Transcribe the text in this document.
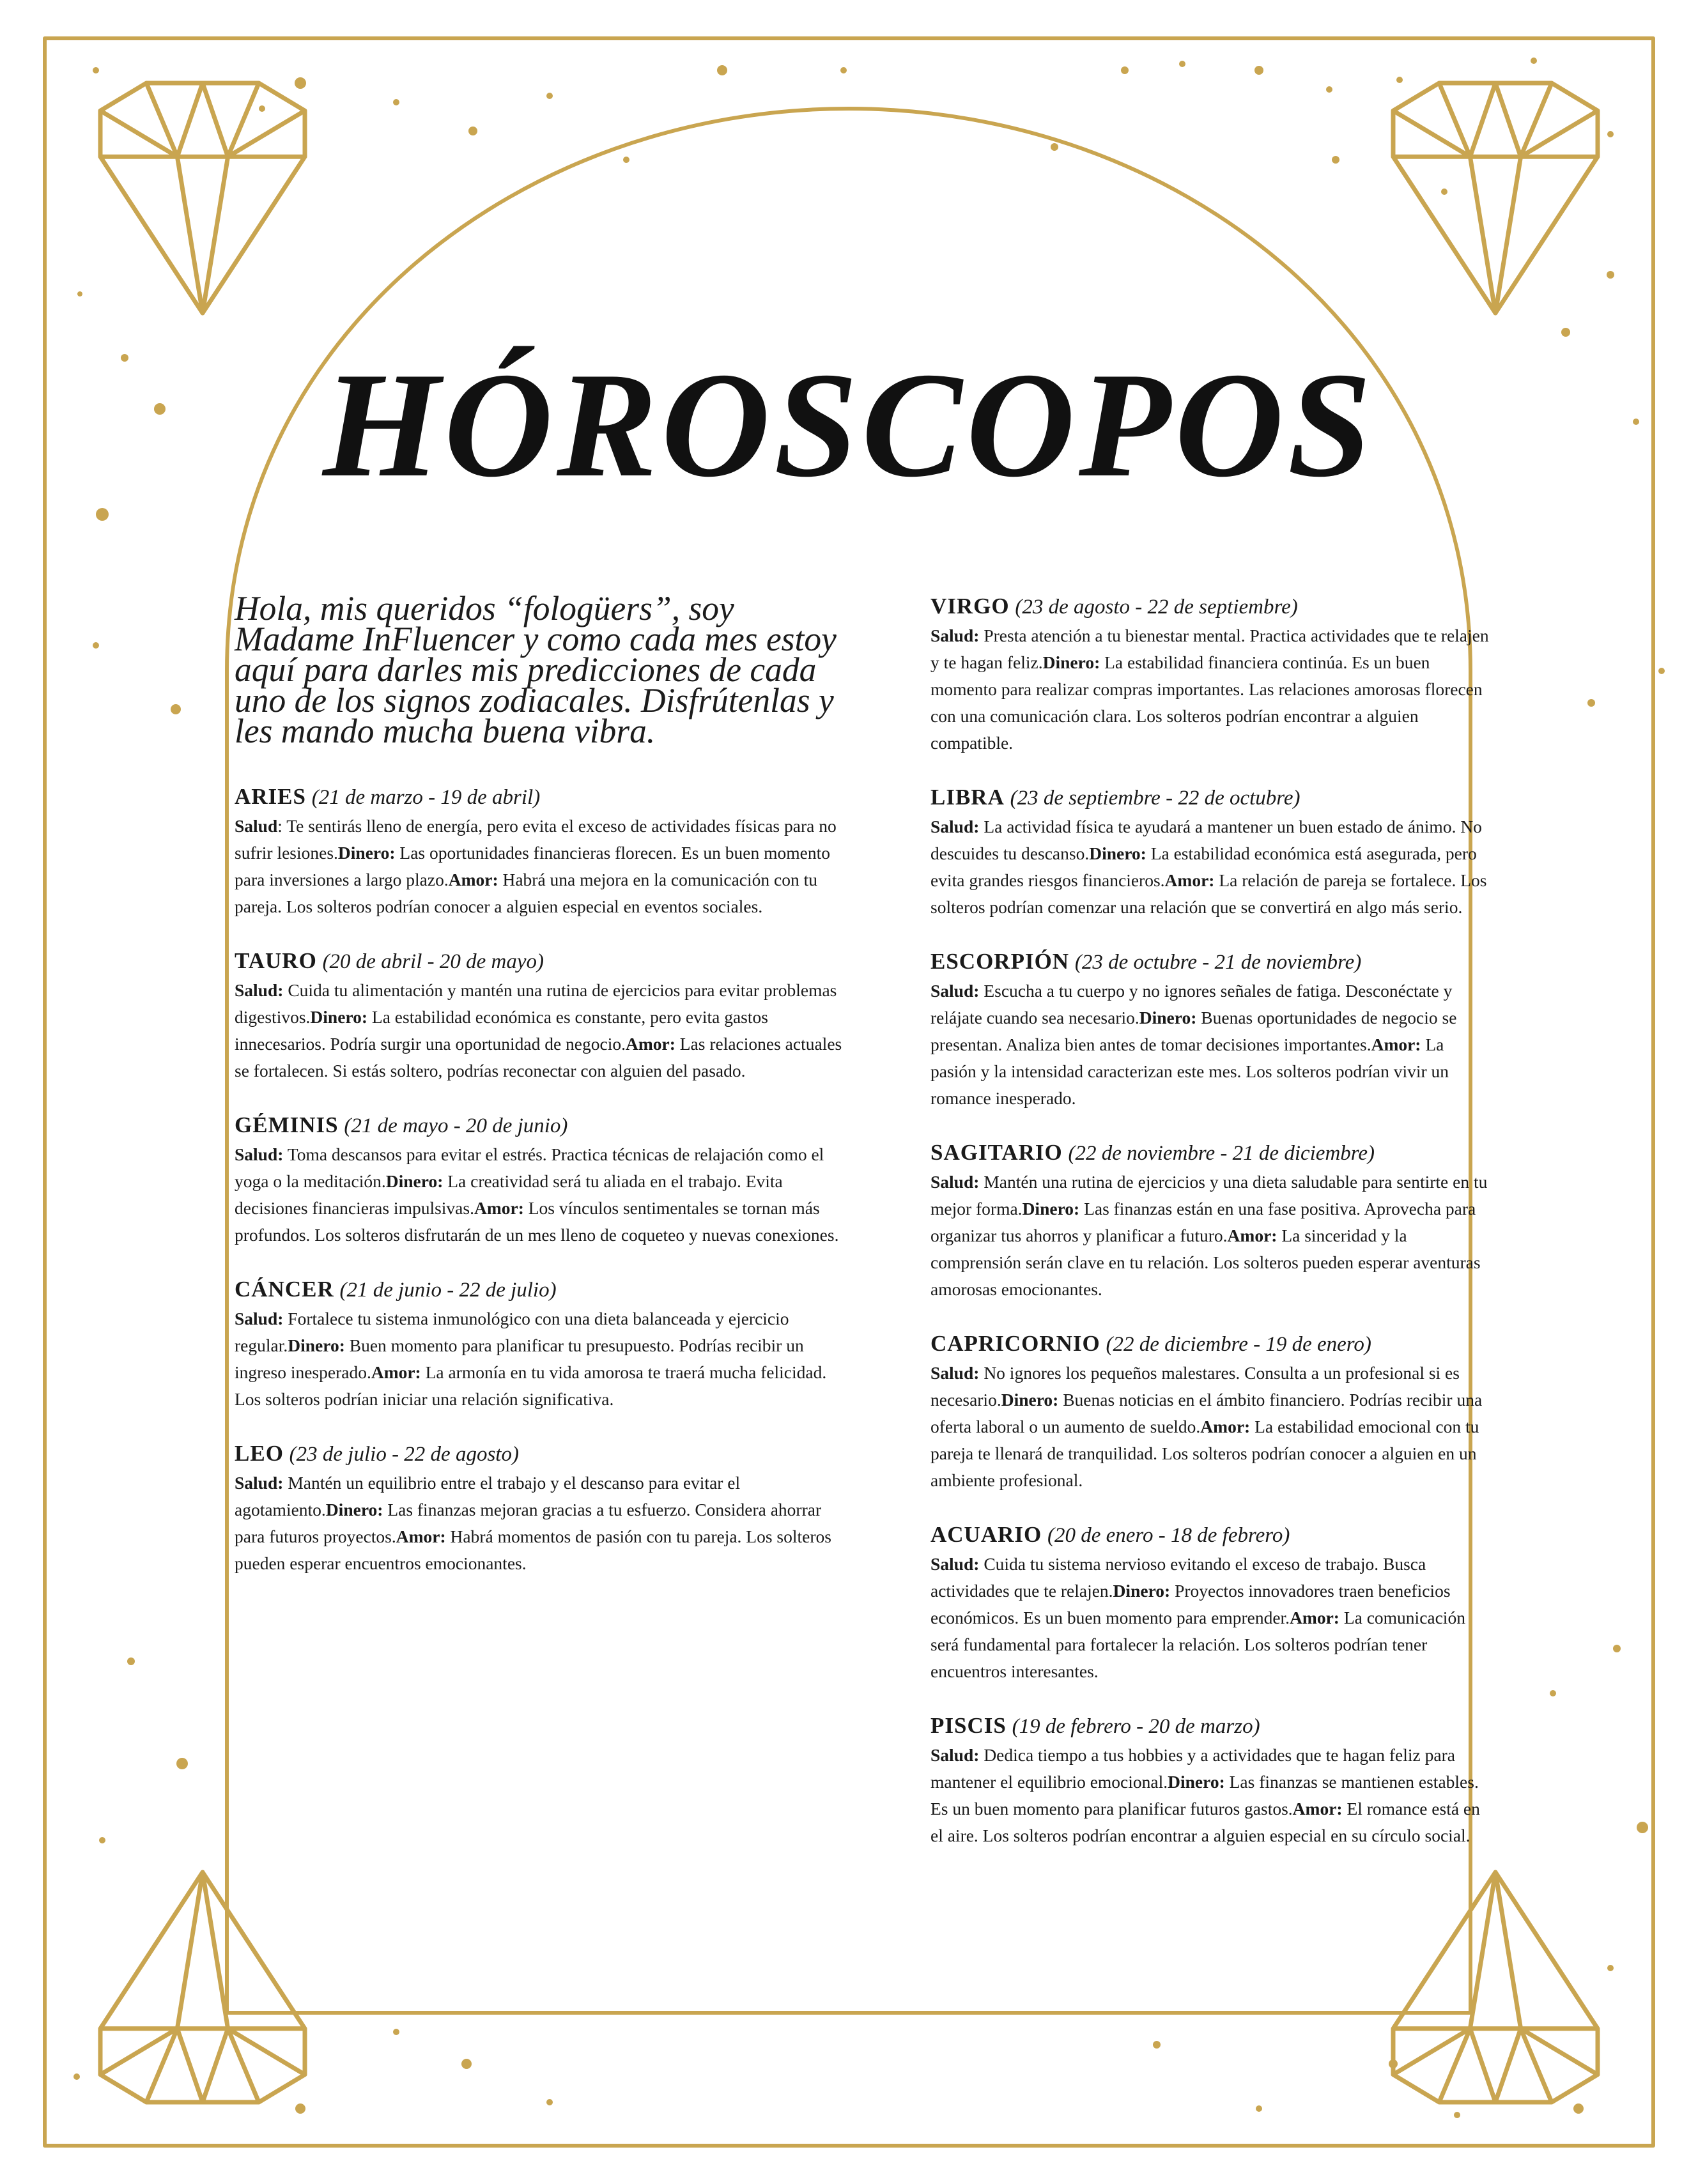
HÓROSCOPOS

Hola, mis queridos “fologüers”, soy Madame InFluencer y como cada mes estoy aquí para darles mis predicciones de cada uno de los signos zodiacales. Disfrútenlas y les mando mucha buena vibra.

ARIES (21 de marzo - 19 de abril)

Salud: Te sentirás lleno de energía, pero evita el exceso de actividades físicas para no sufrir lesiones.Dinero: Las oportunidades financieras florecen. Es un buen momento para inversiones a largo plazo.Amor: Habrá una mejora en la comunicación con tu pareja. Los solteros podrían conocer a alguien especial en eventos sociales.

TAURO (20 de abril - 20 de mayo)

Salud: Cuida tu alimentación y mantén una rutina de ejercicios para evitar problemas digestivos.Dinero: La estabilidad económica es constante, pero evita gastos innecesarios. Podría surgir una oportunidad de negocio.Amor: Las relaciones actuales se fortalecen. Si estás soltero, podrías reconectar con alguien del pasado.

GÉMINIS (21 de mayo - 20 de junio)

Salud: Toma descansos para evitar el estrés. Practica técnicas de relajación como el yoga o la meditación.Dinero: La creatividad será tu aliada en el trabajo. Evita decisiones financieras impulsivas.Amor: Los vínculos sentimentales se tornan más profundos. Los solteros disfrutarán de un mes lleno de coqueteo y nuevas conexiones.

CÁNCER (21 de junio - 22 de julio)

Salud: Fortalece tu sistema inmunológico con una dieta balanceada y ejercicio regular.Dinero: Buen momento para planificar tu presupuesto. Podrías recibir un ingreso inesperado.Amor: La armonía en tu vida amorosa te traerá mucha felicidad. Los solteros podrían iniciar una relación significativa.

LEO (23 de julio - 22 de agosto)

Salud: Mantén un equilibrio entre el trabajo y el descanso para evitar el agotamiento.Dinero: Las finanzas mejoran gracias a tu esfuerzo. Considera ahorrar para futuros proyectos.Amor: Habrá momentos de pasión con tu pareja. Los solteros pueden esperar encuentros emocionantes.

VIRGO (23 de agosto - 22 de septiembre)

Salud: Presta atención a tu bienestar mental. Practica actividades que te relajen y te hagan feliz.Dinero: La estabilidad financiera continúa. Es un buen momento para realizar compras importantes. Las relaciones amorosas florecen con una comunicación clara. Los solteros podrían encontrar a alguien compatible.

LIBRA (23 de septiembre - 22 de octubre)

Salud: La actividad física te ayudará a mantener un buen estado de ánimo. No descuides tu descanso.Dinero: La estabilidad económica está asegurada, pero evita grandes riesgos financieros.Amor: La relación de pareja se fortalece. Los solteros podrían comenzar una relación que se convertirá en algo más serio.

ESCORPIÓN (23 de octubre - 21 de noviembre)

Salud: Escucha a tu cuerpo y no ignores señales de fatiga. Desconéctate y relájate cuando sea necesario.Dinero: Buenas oportunidades de negocio se presentan. Analiza bien antes de tomar decisiones importantes.Amor: La pasión y la intensidad caracterizan este mes. Los solteros podrían vivir un romance inesperado.

SAGITARIO (22 de noviembre - 21 de diciembre)

Salud: Mantén una rutina de ejercicios y una dieta saludable para sentirte en tu mejor forma.Dinero: Las finanzas están en una fase positiva. Aprovecha para organizar tus ahorros y planificar a futuro.Amor: La sinceridad y la comprensión serán clave en tu relación. Los solteros pueden esperar aventuras amorosas emocionantes.

CAPRICORNIO (22 de diciembre - 19 de enero)

Salud: No ignores los pequeños malestares. Consulta a un profesional si es necesario.Dinero: Buenas noticias en el ámbito financiero. Podrías recibir una oferta laboral o un aumento de sueldo.Amor: La estabilidad emocional con tu pareja te llenará de tranquilidad. Los solteros podrían conocer a alguien en un ambiente profesional.

ACUARIO (20 de enero - 18 de febrero)

Salud: Cuida tu sistema nervioso evitando el exceso de trabajo. Busca actividades que te relajen.Dinero: Proyectos innovadores traen beneficios económicos. Es un buen momento para emprender.Amor: La comunicación será fundamental para fortalecer la relación. Los solteros podrían tener encuentros interesantes.

PISCIS (19 de febrero - 20 de marzo)

Salud: Dedica tiempo a tus hobbies y a actividades que te hagan feliz para mantener el equilibrio emocional.Dinero: Las finanzas se mantienen estables. Es un buen momento para planificar futuros gastos.Amor: El romance está en el aire. Los solteros podrían encontrar a alguien especial en su círculo social.
